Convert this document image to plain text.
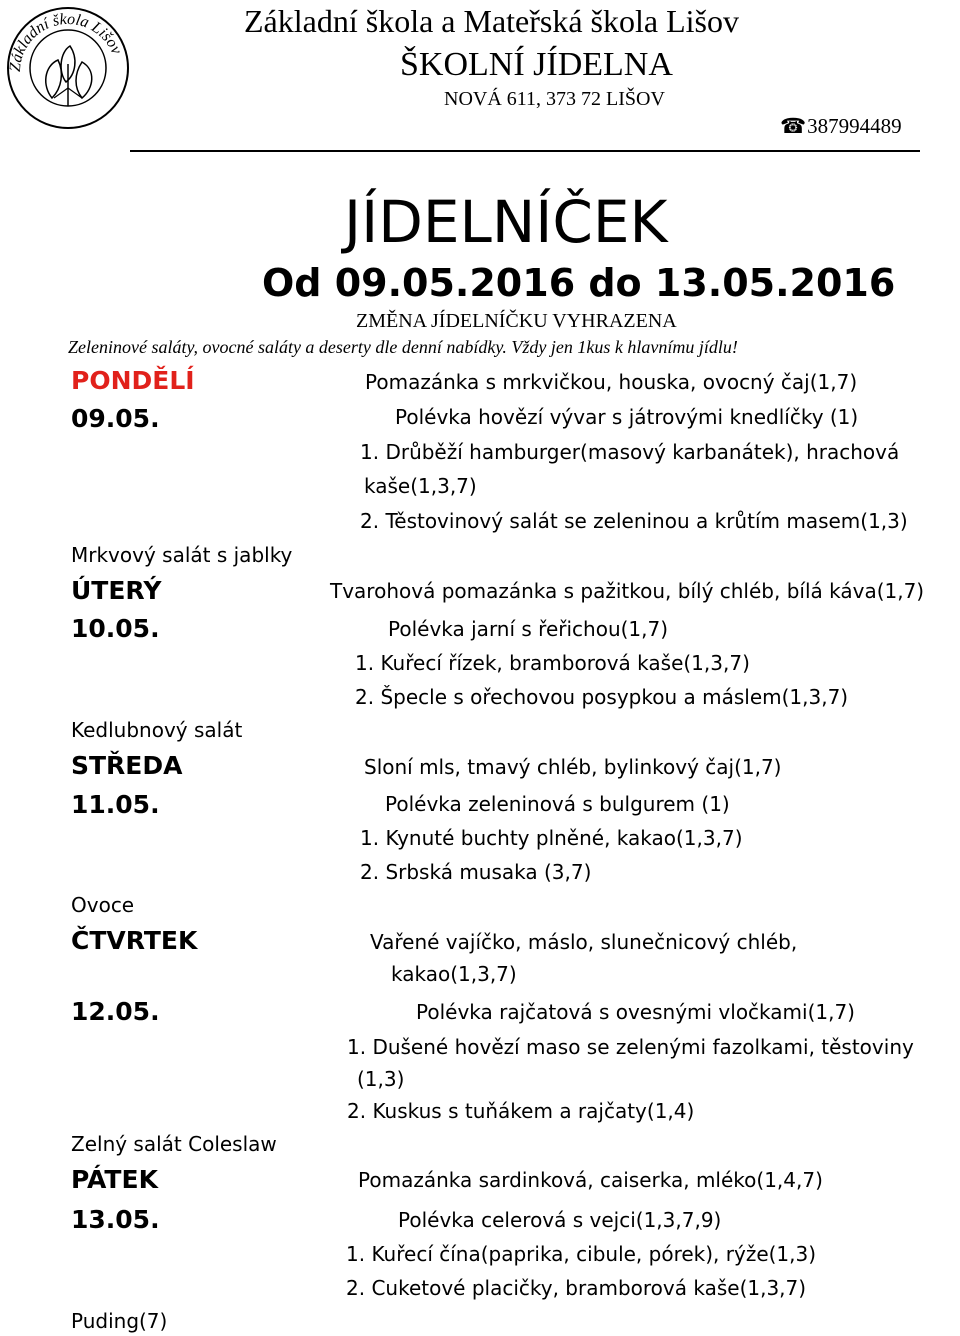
Základní škola Lišov
Základní škola a Mateřská škola Lišov
ŠKOLNÍ JÍDELNA
NOVÁ 611, 373 72 LIŠOV
☎387994489
JÍDELNÍČEK
Od 09.05.2016 do 13.05.2016
ZMĚNA JÍDELNÍČKU VYHRAZENA
Zeleninové saláty, ovocné saláty a deserty dle denní nabídky. Vždy jen 1kus k hlavnímu jídlu!
PONDĚLÍ	Pomazánka s mrkvičkou, houska, ovocný čaj(1,7)
09.05.	Polévka hovězí vývar s játrovými knedlíčky (1)
1. Drůběží hamburger(masový karbanátek), hrachová
kaše(1,3,7)
2. Těstovinový salát se zeleninou a krůtím masem(1,3)
Mrkvový salát s jablky
ÚTERÝ	Tvarohová pomazánka s pažitkou, bílý chléb, bílá káva(1,7)
10.05.	Polévka jarní s řeřichou(1,7)
1. Kuřecí řízek, bramborová kaše(1,3,7)
2. Špecle s ořechovou posypkou a máslem(1,3,7)
Kedlubnový salát
STŘEDA	Sloní mls, tmavý chléb, bylinkový čaj(1,7)
11.05.	Polévka zeleninová s bulgurem (1)
1. Kynuté buchty plněné, kakao(1,3,7)
2. Srbská musaka (3,7)
Ovoce
ČTVRTEK	Vařené vajíčko, máslo, slunečnicový chléb,
kakao(1,3,7)
12.05.	Polévka rajčatová s ovesnými vločkami(1,7)
1. Dušené hovězí maso se zelenými fazolkami, těstoviny
(1,3)
2. Kuskus s tuňákem a rajčaty(1,4)
Zelný salát Coleslaw
PÁTEK	Pomazánka sardinková, caiserka, mléko(1,4,7)
13.05.	Polévka celerová s vejci(1,3,7,9)
1. Kuřecí čína(paprika, cibule, pórek), rýže(1,3)
2. Cuketové placičky, bramborová kaše(1,3,7)
Puding(7)
